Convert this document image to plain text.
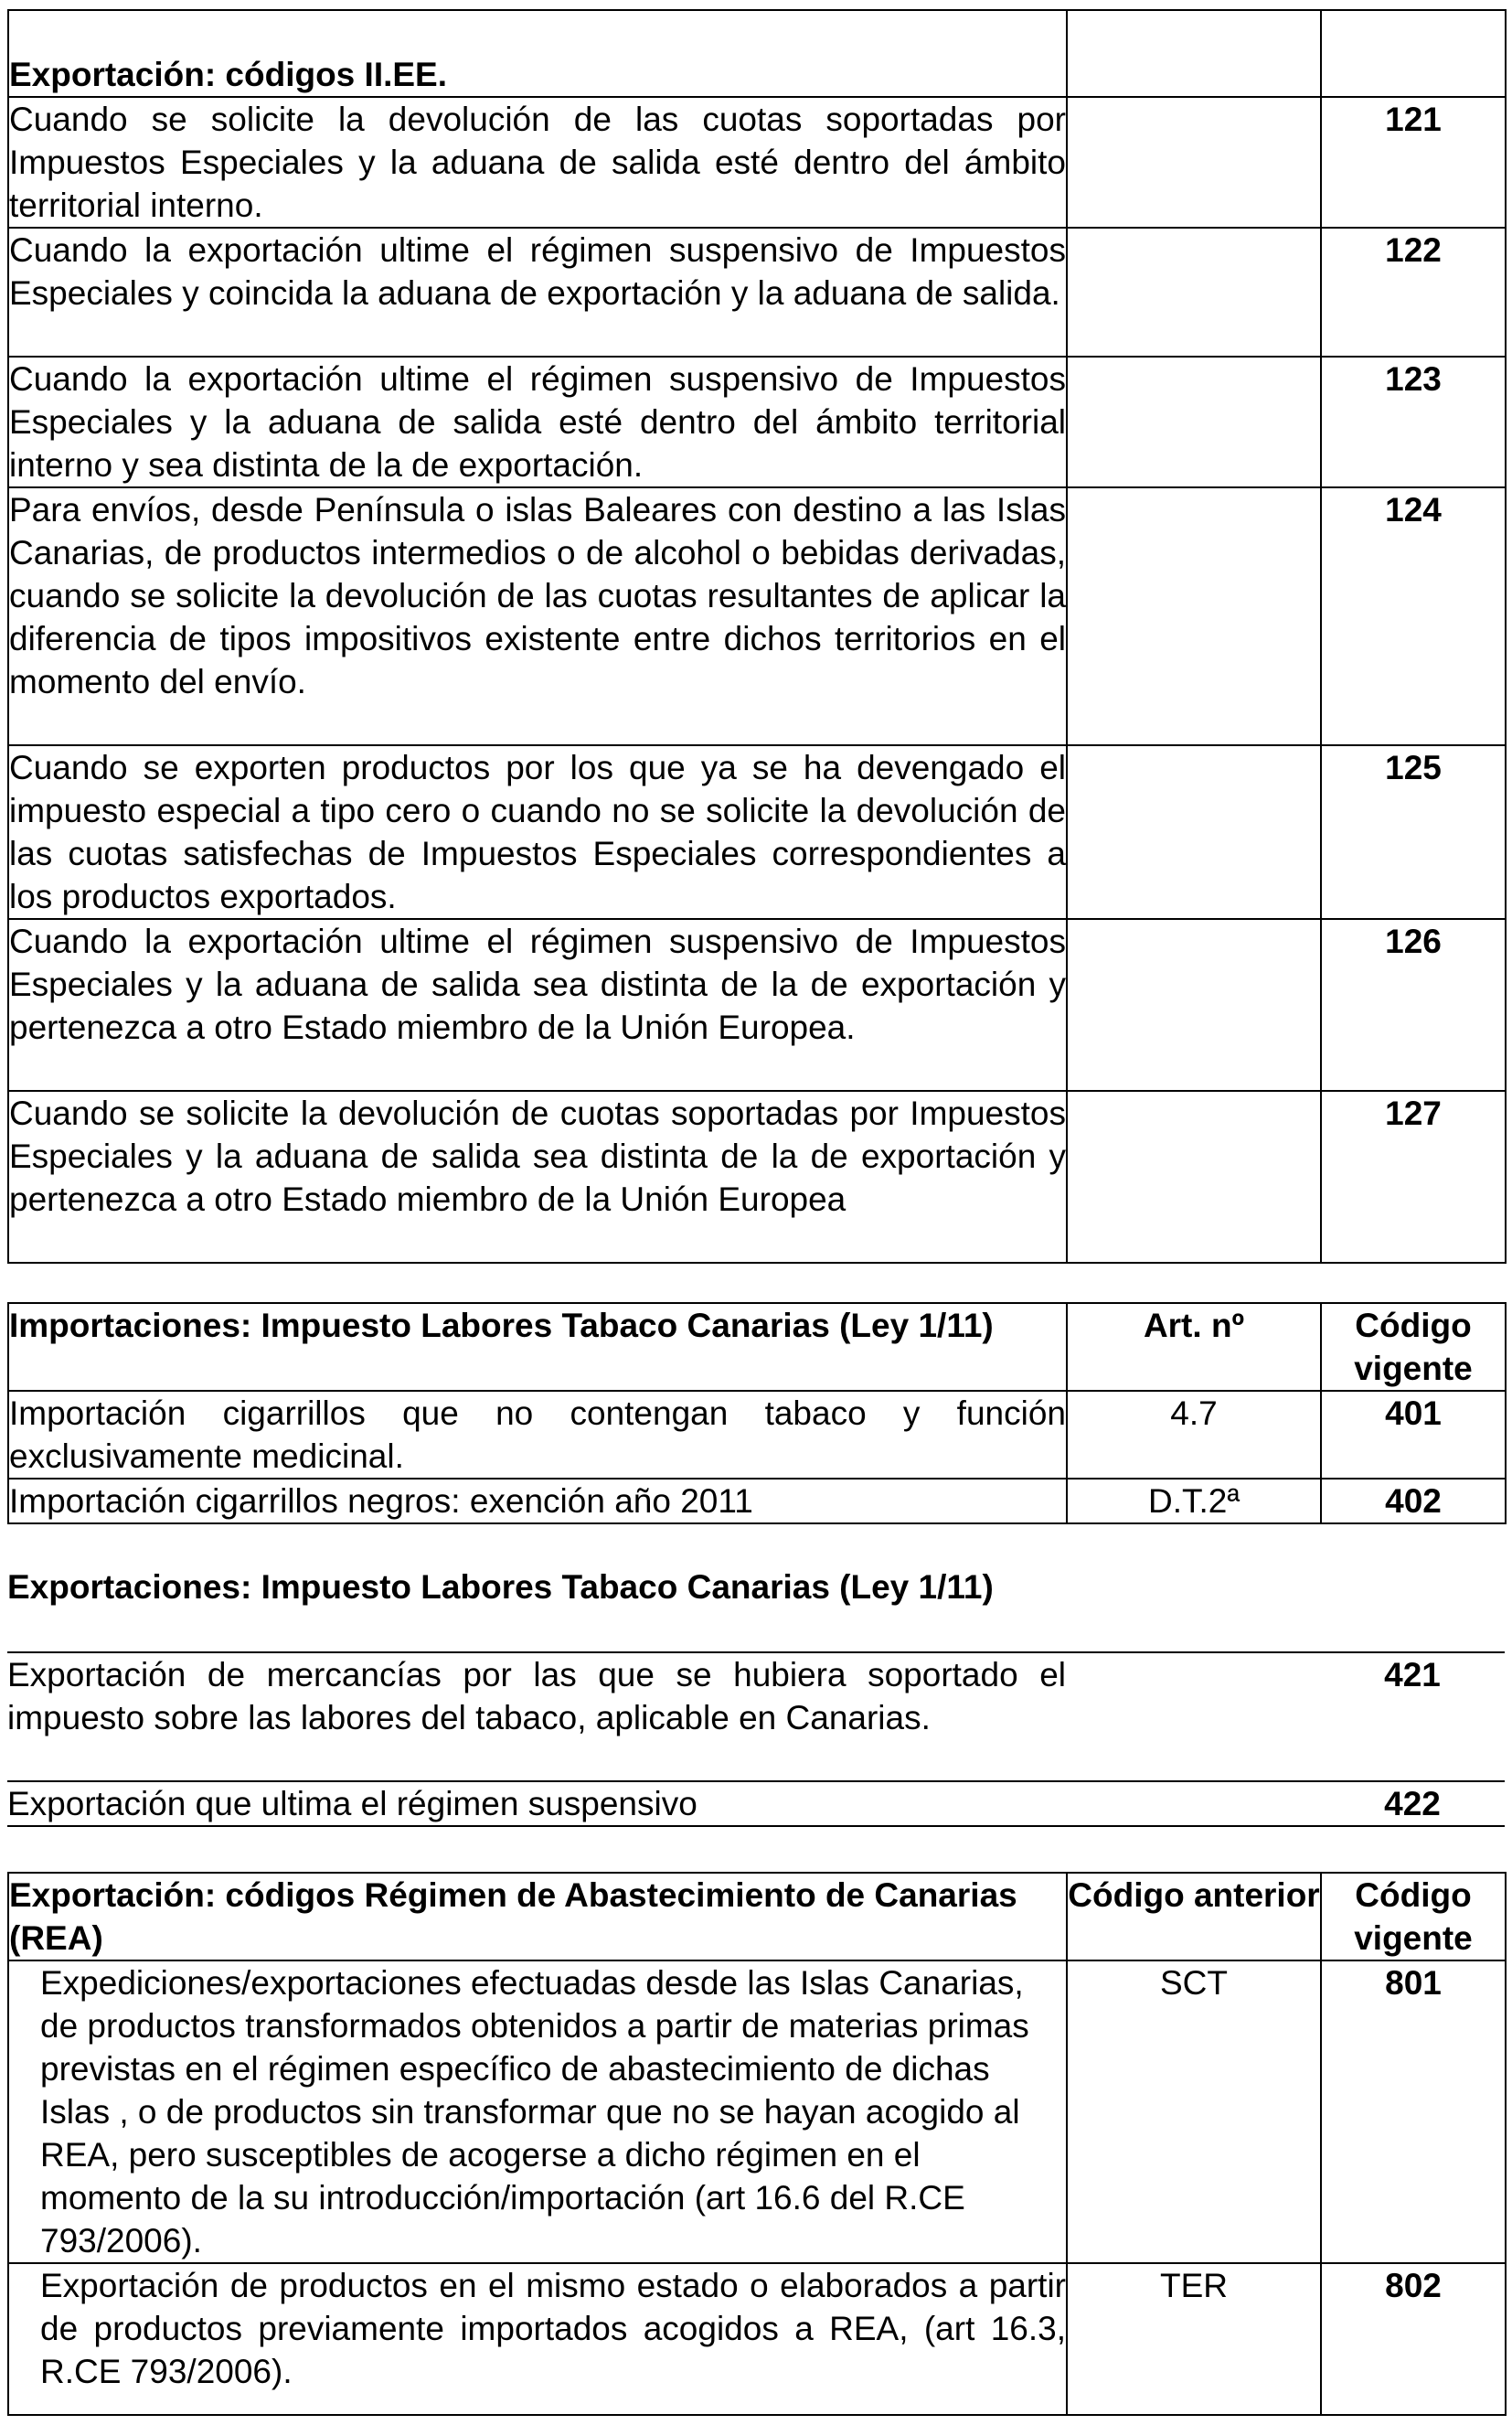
Exportación: códigos II.EE.		
Cuando se solicite la devolución de las cuotas soportadas por Impuestos Especiales y la aduana de salida esté dentro del ámbito territorial interno.		121
Cuando la exportación ultime el régimen suspensivo de Impuestos Especiales y coincida la aduana de exportación y la aduana de salida.		122
Cuando la exportación ultime el régimen suspensivo de Impuestos Especiales y la aduana de salida esté dentro del ámbito territorial interno y sea distinta de la de exportación.		123
Para envíos, desde Península o islas Baleares con destino a las Islas Canarias, de productos intermedios o de alcohol o bebidas derivadas, cuando se solicite la devolución de las cuotas resultantes de aplicar la diferencia de tipos impositivos existente entre dichos territorios en el momento del envío.		124
Cuando se exporten productos por los que ya se ha devengado el impuesto especial a tipo cero o cuando no se solicite la devolución de las cuotas satisfechas de Impuestos Especiales correspondientes a los productos exportados.		125
Cuando la exportación ultime el régimen suspensivo de Impuestos Especiales y la aduana de salida sea distinta de la de exportación y pertenezca a otro Estado miembro de la Unión Europea.		126
Cuando se solicite la devolución de cuotas soportadas por Impuestos Especiales y la aduana de salida sea distinta de la de exportación y pertenezca a otro Estado miembro de la Unión Europea		127
Importaciones: Impuesto Labores Tabaco Canarias (Ley 1/11)	Art. nº	Código vigente
Importación cigarrillos que no contengan tabaco y función exclusivamente medicinal.	4.7	401
Importación cigarrillos negros: exención año 2011	D.T.2ª	402
Exportaciones: Impuesto Labores Tabaco Canarias (Ley 1/11)		
Exportación de mercancías por las que se hubiera soportado el impuesto sobre las labores del tabaco, aplicable en Canarias.		421
Exportación que ultima el régimen suspensivo		422
Exportación: códigos Régimen de Abastecimiento de Canarias (REA)	Código anterior	Código vigente
Expediciones/exportaciones efectuadas desde las Islas Canarias, de productos transformados obtenidos a partir de materias primas previstas en el régimen específico de abastecimiento de dichas Islas , o de productos sin transformar que no se hayan acogido al REA, pero susceptibles de acogerse a dicho régimen en el momento de la su introducción/importación (art 16.6 del R.CE 793/2006).	SCT	801
Exportación de productos en el mismo estado o elaborados a partir de productos previamente importados acogidos a REA, (art 16.3, R.CE 793/2006).	TER	802
